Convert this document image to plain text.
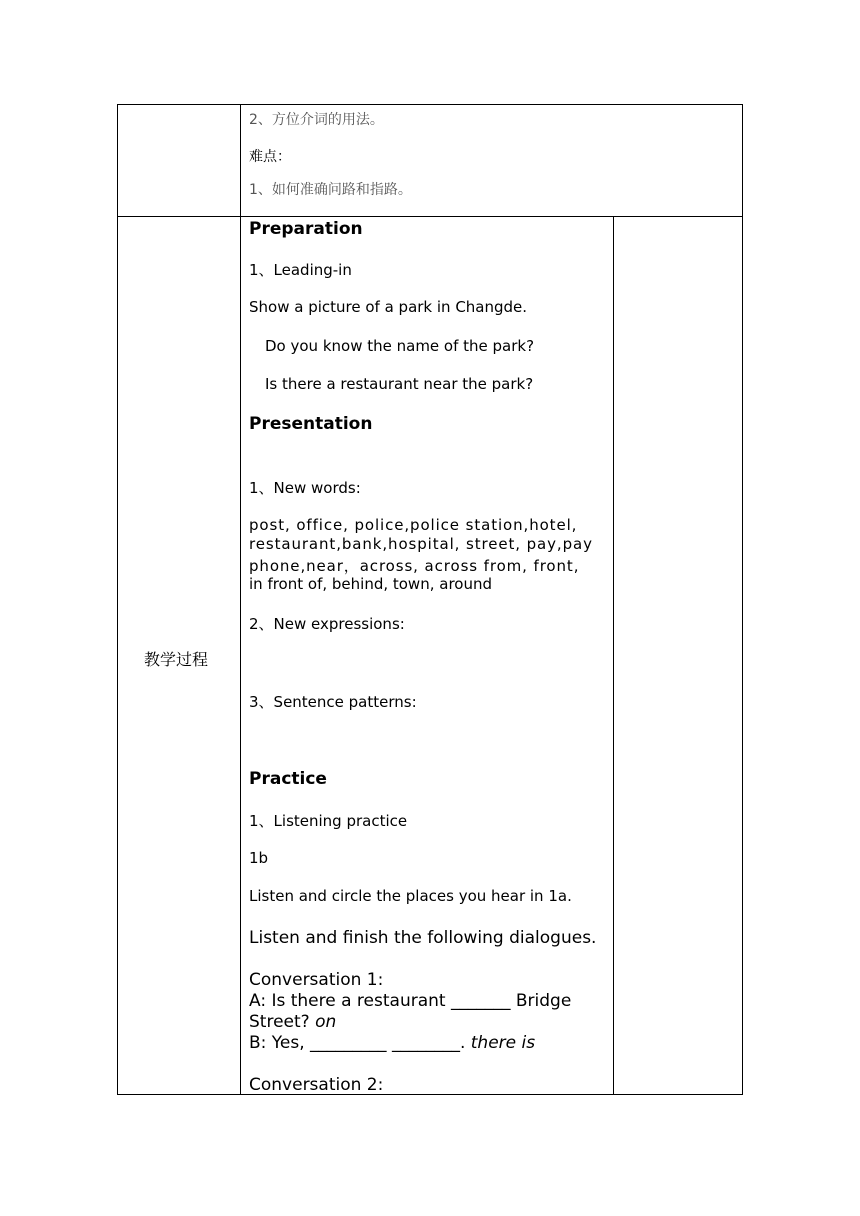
2、方位介词的用法。
难点：
1、如何准确问路和指路。
教学过程
Preparation
1、Leading-in
Show a picture of a park in Changde.
Do you know the name of the park?
Is there a restaurant near the park?
Presentation
1、New words:
post, office, police,police station,hotel,
restaurant,bank,hospital, street, pay,pay
phone,near，across, across from, front,
in front of, behind, town, around
2、New expressions:
3、Sentence patterns:
Practice
1、Listening practice
1b
Listen and circle the places you hear in 1a.
Listen and finish the following dialogues.
Conversation 1:
A: Is there a restaurant _______ Bridge
Street? on
B: Yes, _________ ________. there is
Conversation 2:
